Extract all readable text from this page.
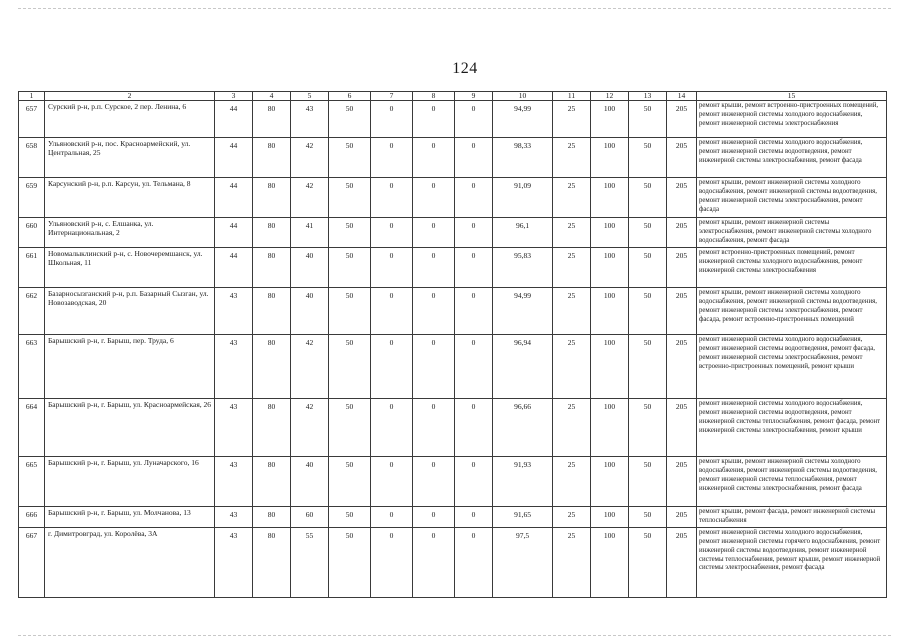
124
1	2	3	4	5	6	7	8	9	10	11	12	13	14	15
657	Сурский р-н, р.п. Сурское, 2 пер. Ленина, 6	44	80	43	50	0	0	0	94,99	25	100	50	205	ремонт крыши, ремонт встроенно-пристроенных помещений, ремонт инженерной системы холодного водоснабжения, ремонт инженерной системы электроснабжения
658	Ульяновский р-н, пос. Красноармейский, ул. Центральная, 25	44	80	42	50	0	0	0	98,33	25	100	50	205	ремонт инженерной системы холодного водоснабжения, ремонт инженерной системы водоотведения, ремонт инженерной системы электроснабжения, ремонт фасада
659	Карсунский р-н, р.п. Карсун, ул. Тельмана, 8	44	80	42	50	0	0	0	91,09	25	100	50	205	ремонт крыши, ремонт инженерной системы холодного водоснабжения, ремонт инженерной системы водоотведения, ремонт инженерной системы электроснабжения, ремонт фасада
660	Ульяновский р-н, с. Елшанка, ул. Интернациональная, 2	44	80	41	50	0	0	0	96,1	25	100	50	205	ремонт крыши, ремонт инженерной системы электроснабжения, ремонт инженерной системы холодного водоснабжения, ремонт фасада
661	Новомалыклинский р-н, с. Новочеремшанск, ул. Школьная, 11	44	80	40	50	0	0	0	95,83	25	100	50	205	ремонт встроенно-пристроенных помещений, ремонт инженерной системы холодного водоснабжения, ремонт инженерной системы электроснабжения
662	Базарносызганский р-н, р.п. Базарный Сызган, ул. Новозаводская, 20	43	80	40	50	0	0	0	94,99	25	100	50	205	ремонт крыши, ремонт инженерной системы холодного водоснабжения, ремонт инженерной системы водоотведения, ремонт инженерной системы электроснабжения, ремонт фасада, ремонт встроенно-пристроенных помещений
663	Барышский р-н, г. Барыш, пер. Труда, 6	43	80	42	50	0	0	0	96,94	25	100	50	205	ремонт инженерной системы холодного водоснабжения, ремонт инженерной системы водоотведения, ремонт фасада, ремонт инженерной системы электроснабжения, ремонт встроенно-пристроенных помещений, ремонт крыши
664	Барышский р-н, г. Барыш, ул. Красноармейская, 26	43	80	42	50	0	0	0	96,66	25	100	50	205	ремонт инженерной системы холодного водоснабжения, ремонт инженерной системы водоотведения, ремонт инженерной системы теплоснабжения, ремонт фасада, ремонт инженерной системы электроснабжения, ремонт крыши
665	Барышский р-н, г. Барыш, ул. Луначарского, 16	43	80	40	50	0	0	0	91,93	25	100	50	205	ремонт крыши, ремонт инженерной системы холодного водоснабжения, ремонт инженерной системы водоотведения, ремонт инженерной системы теплоснабжения, ремонт инженерной системы электроснабжения, ремонт фасада
666	Барышский р-н, г. Барыш, ул. Молчанова, 13	43	80	60	50	0	0	0	91,65	25	100	50	205	ремонт крыши, ремонт фасада, ремонт инженерной системы теплоснабжения
667	г. Димитровград, ул. Королёва, 3А	43	80	55	50	0	0	0	97,5	25	100	50	205	ремонт инженерной системы холодного водоснабжения, ремонт инженерной системы горячего водоснабжения, ремонт инженерной системы водоотведения, ремонт инженерной системы теплоснабжения, ремонт крыши, ремонт инженерной системы электроснабжения, ремонт фасада
